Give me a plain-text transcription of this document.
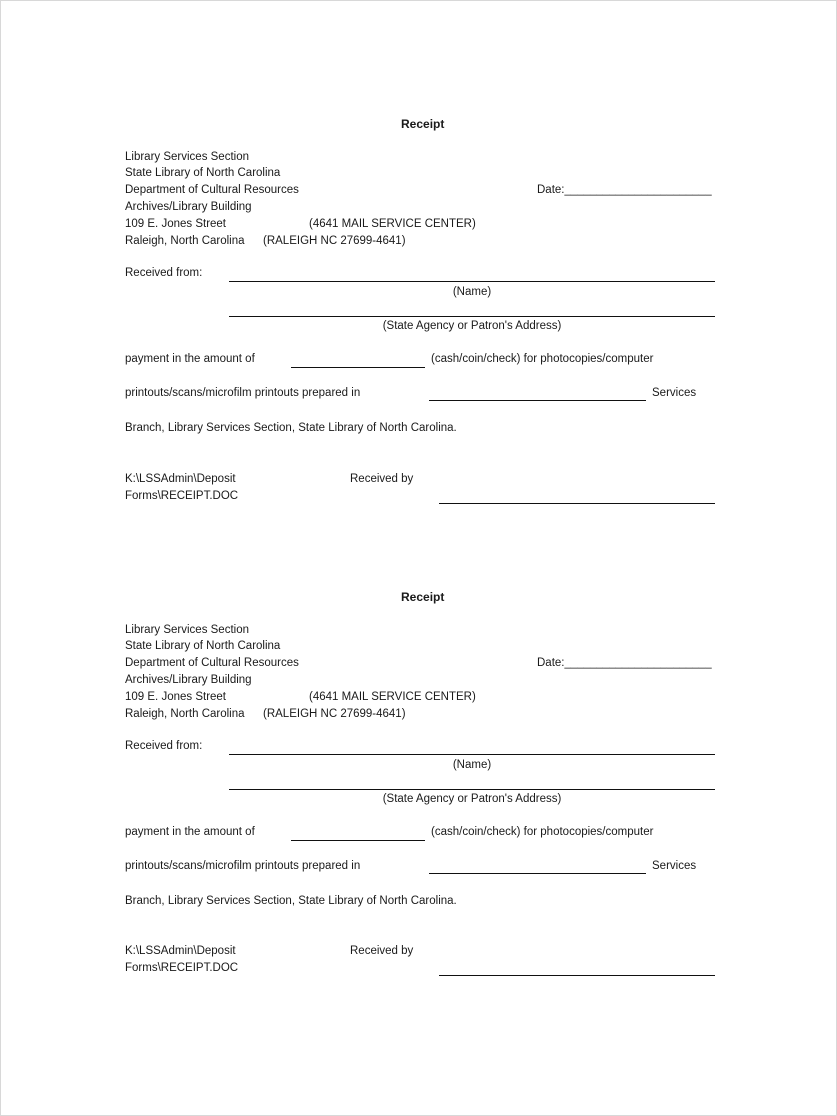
Receipt
Library Services Section
State Library of North Carolina
Department of Cultural Resources
Archives/Library Building
109 E. Jones Street
Raleigh, North Carolina
(4641 MAIL SERVICE CENTER)
(RALEIGH NC 27699-4641)
Date:_______________________
Received from:
(Name)
(State Agency or Patron's Address)
payment in the amount of	(cash/coin/check) for photocopies/computer
printouts/scans/microfilm printouts prepared in	Services
Branch, Library Services Section, State Library of North Carolina.
K:\LSSAdmin\Deposit
Forms\RECEIPT.DOC
Received by
Receipt
Library Services Section
State Library of North Carolina
Department of Cultural Resources
Archives/Library Building
109 E. Jones Street
Raleigh, North Carolina
(4641 MAIL SERVICE CENTER)
(RALEIGH NC 27699-4641)
Date:_______________________
Received from:
(Name)
(State Agency or Patron's Address)
payment in the amount of	(cash/coin/check) for photocopies/computer
printouts/scans/microfilm printouts prepared in	Services
Branch, Library Services Section, State Library of North Carolina.
K:\LSSAdmin\Deposit
Forms\RECEIPT.DOC
Received by
